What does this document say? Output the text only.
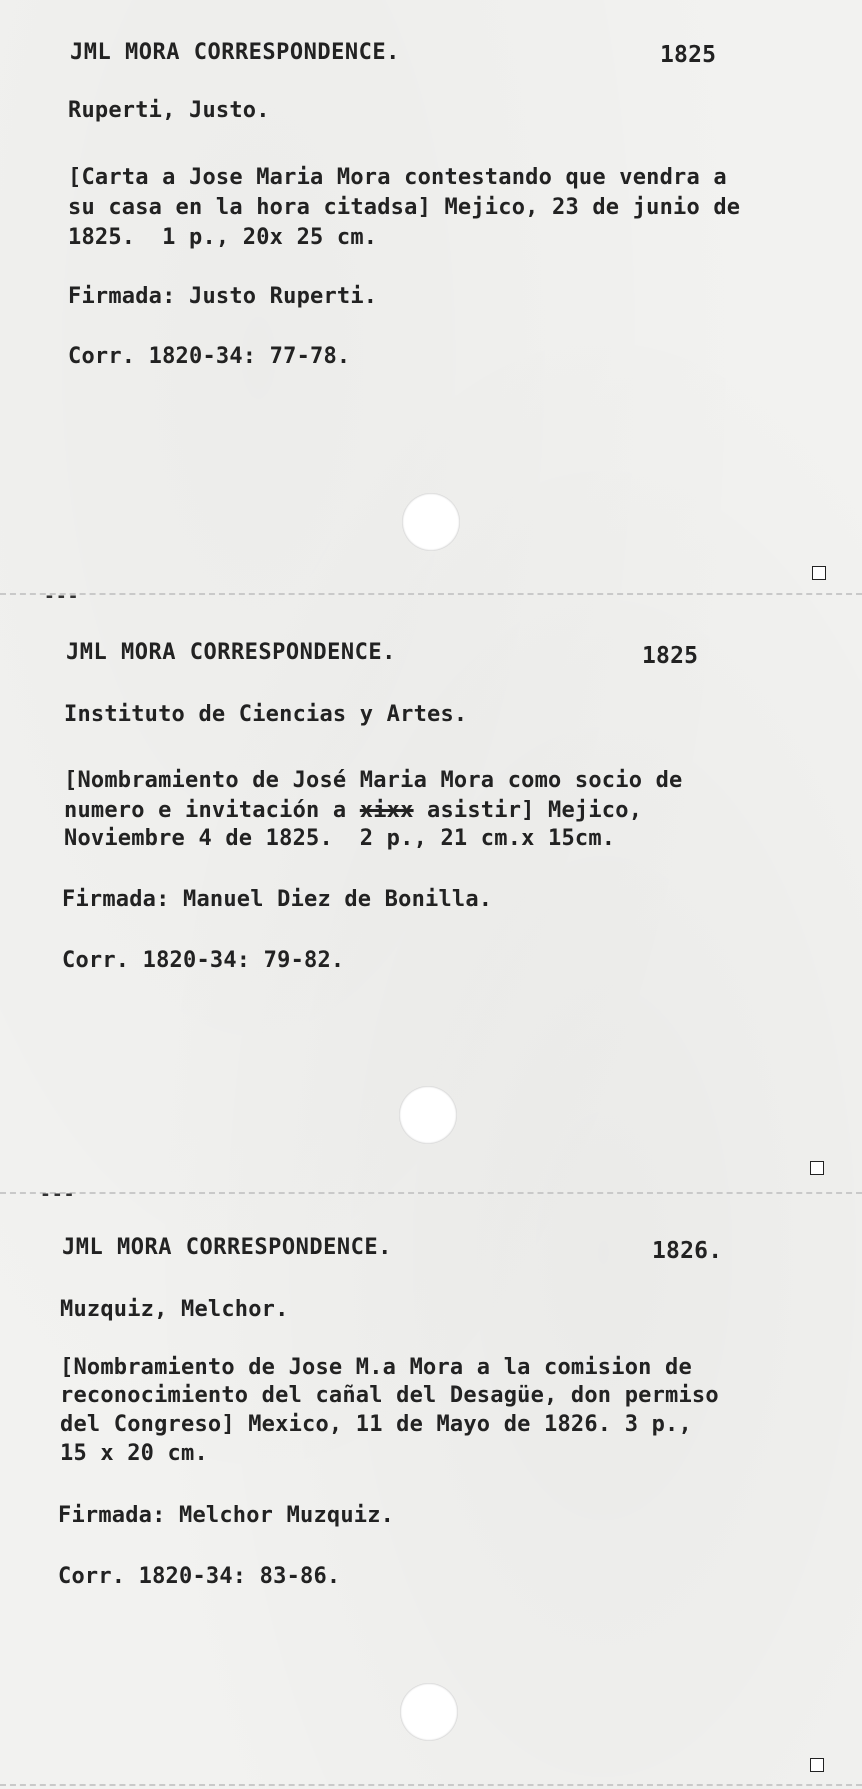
JML MORA CORRESPONDENCE.	1825
Ruperti, Justo.
[Carta a Jose Maria Mora contestando que vendra a
su casa en la hora citadsa] Mejico, 23 de junio de
1825.  1 p., 20x 25 cm.
Firmada: Justo Ruperti.
Corr. 1820-34: 77-78.
---
JML MORA CORRESPONDENCE.	1825
Instituto de Ciencias y Artes.
[Nombramiento de José Maria Mora como socio de
numero e invitación a xixx asistir] Mejico,
Noviembre 4 de 1825.  2 p., 21 cm.x 15cm.
Firmada: Manuel Diez de Bonilla.
Corr. 1820-34: 79-82.
---
JML MORA CORRESPONDENCE.	1826.
Muzquiz, Melchor.
[Nombramiento de Jose M.a Mora a la comision de
reconocimiento del cañal del Desagüe, don permiso
del Congreso] Mexico, 11 de Mayo de 1826. 3 p.,
15 x 20 cm.
Firmada: Melchor Muzquiz.
Corr. 1820-34: 83-86.
